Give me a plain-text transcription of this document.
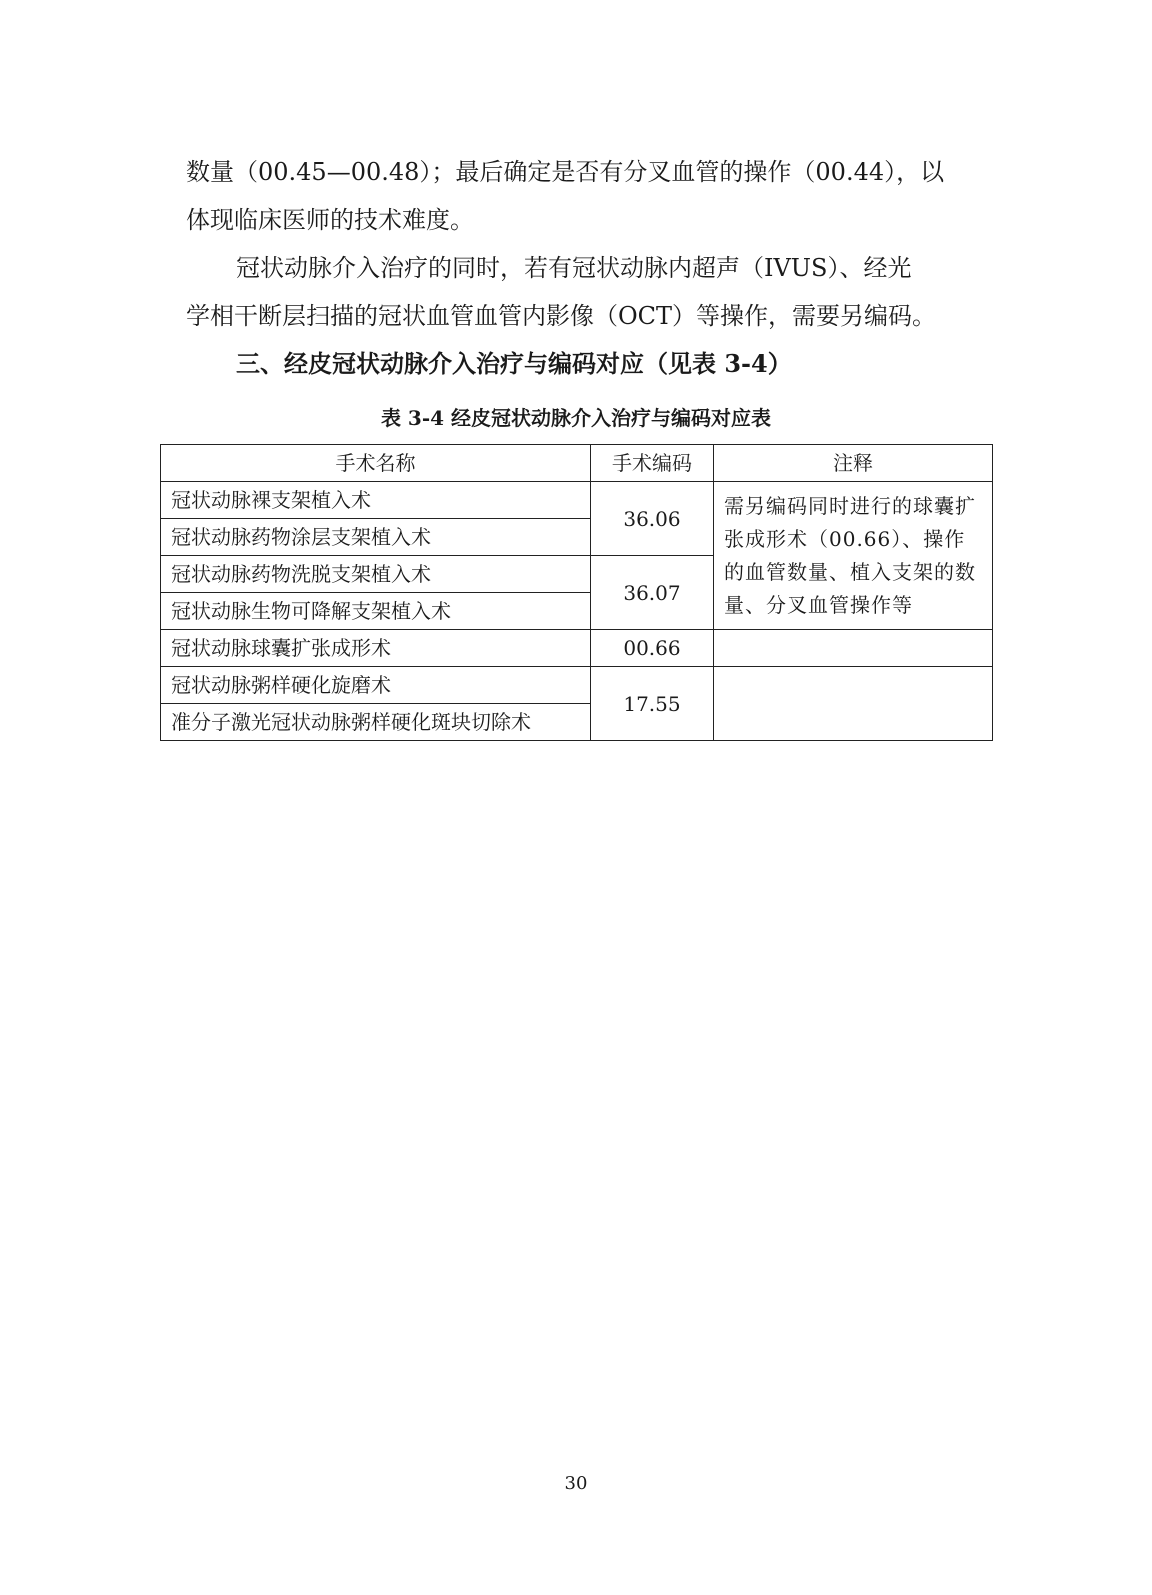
数量（00.45—00.48）；最后确定是否有分叉血管的操作（00.44），以
体现临床医师的技术难度。
冠状动脉介入治疗的同时，若有冠状动脉内超声（IVUS）、经光
学相干断层扫描的冠状血管血管内影像（OCT）等操作，需要另编码。
三、经皮冠状动脉介入治疗与编码对应（见表 3-4）
表 3-4 经皮冠状动脉介入治疗与编码对应表
手术名称	手术编码	注释
冠状动脉裸支架植入术	36.06	需另编码同时进行的球囊扩张成形术（00.66）、操作的血管数量、植入支架的数量、分叉血管操作等
冠状动脉药物涂层支架植入术		
冠状动脉药物洗脱支架植入术	36.07	
冠状动脉生物可降解支架植入术		
冠状动脉球囊扩张成形术	00.66	
冠状动脉粥样硬化旋磨术	17.55	
准分子激光冠状动脉粥样硬化斑块切除术		
30
